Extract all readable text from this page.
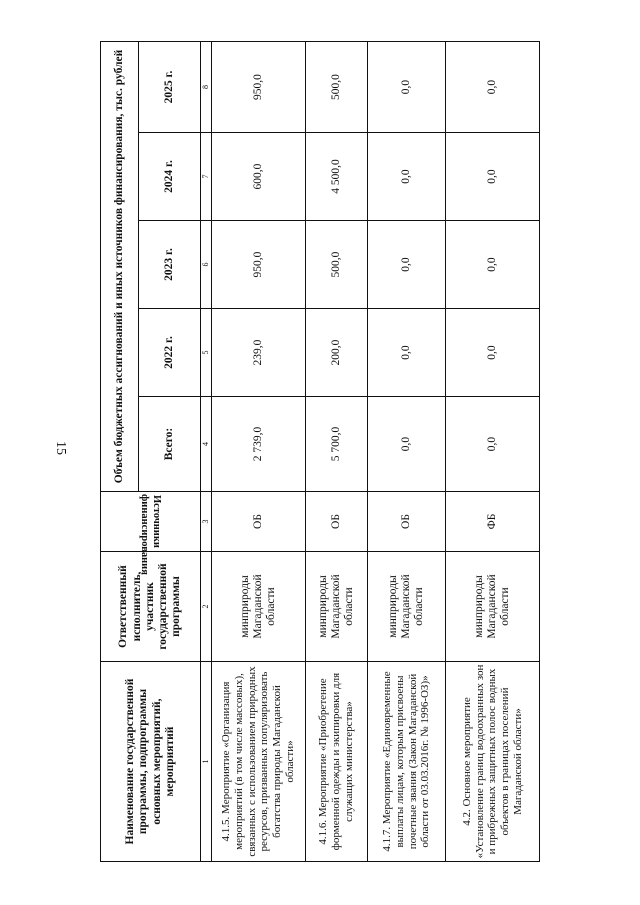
15
Наименование государственной программы, подпрограммы основных мероприятий, мероприятий	Ответственный исполнитель, участник государственной программы	Источники финансирования	Объем бюджетных ассигнований и иных источников финансирования, тыс. рублей				
			Всего:	2022 г.	2023 г.	2024 г.	2025 г.
1	2	3	4	5	6	7	8
4.1.5. Мероприятие «Организация мероприятий (в том числе массовых), связанных с использованием природных ресурсов, призванных популяризовать богатства природы Магаданской области»	минприроды Магаданской области	ОБ	2 739,0	239,0	950,0	600,0	950,0
4.1.6. Мероприятие «Приобретение форменной одежды и экипировки для служащих министерства»	минприроды Магаданской области	ОБ	5 700,0	200,0	500,0	4 500,0	500,0
4.1.7. Мероприятие «Единовременные выплаты лицам, которым присвоены почетные звания (Закон Магаданской области от 03.03.2016г. № 1996-ОЗ)»	минприроды Магаданской области	ОБ	0,0	0,0	0,0	0,0	0,0
4.2. Основное мероприятие «Установление границ водоохранных зон и прибрежных защитных полос водных объектов в границах поселений Магаданской области»	минприроды Магаданской области	ФБ	0,0	0,0	0,0	0,0	0,0
